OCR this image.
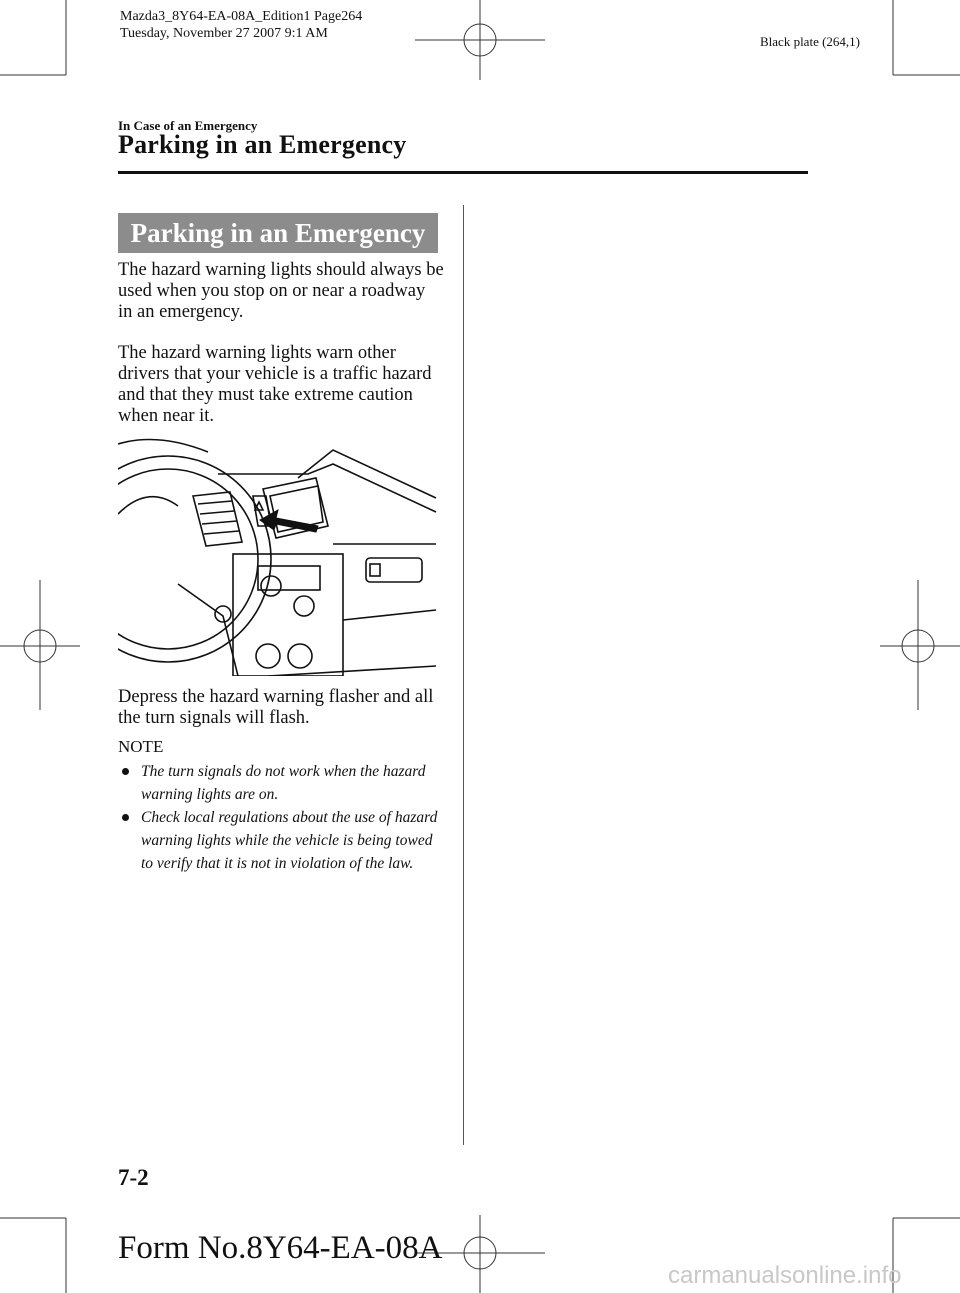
Mazda3_8Y64-EA-08A_Edition1 Page264
Tuesday, November 27 2007 9:1 AM
Black plate (264,1)
In Case of an Emergency
Parking in an Emergency
Parking in an Emergency
The hazard warning lights should always be used when you stop on or near a roadway in an emergency.
The hazard warning lights warn other drivers that your vehicle is a traffic hazard and that they must take extreme caution when near it.
Depress the hazard warning flasher and all the turn signals will flash.
NOTE
The turn signals do not work when the hazard warning lights are on.
Check local regulations about the use of hazard warning lights while the vehicle is being towed to verify that it is not in violation of the law.
7-2
Form No.8Y64-EA-08A
carmanualsonline.info
